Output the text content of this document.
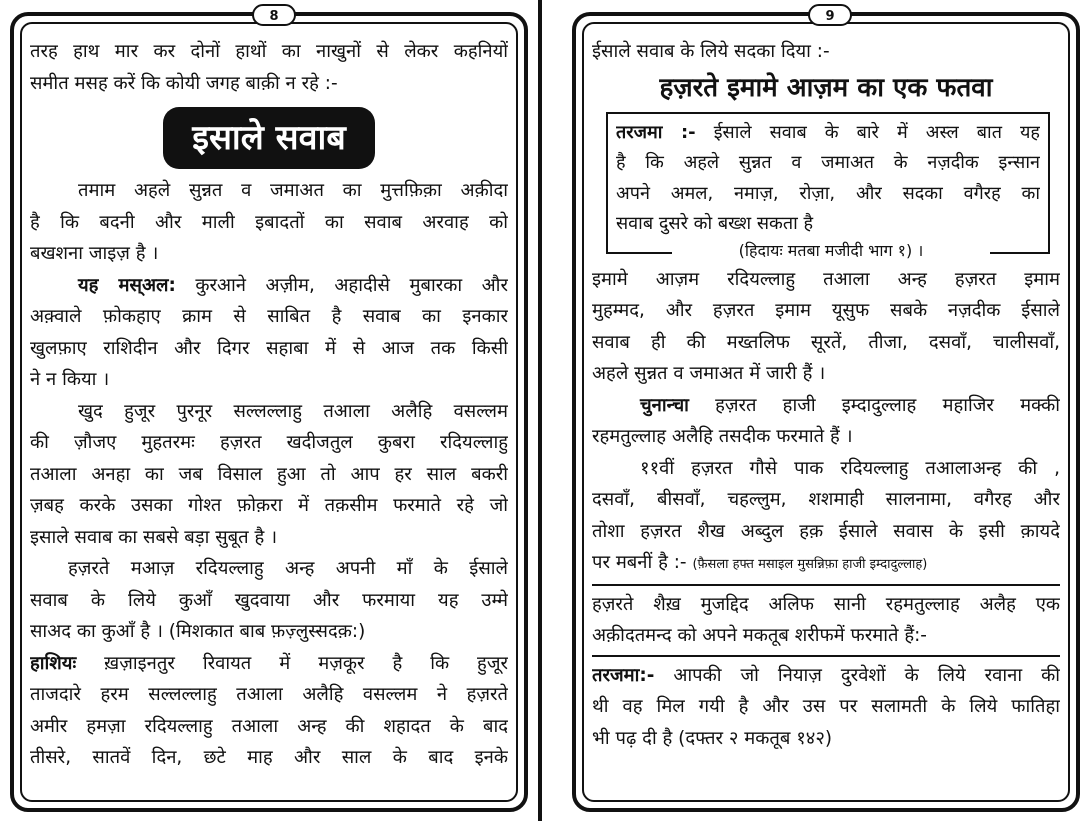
8
तरह हाथ मार कर दोनों हाथों का नाखुनों से लेकर कहनियों
समीत मसह करें कि कोयी जगह बाक़ी न रहे :-
इसाले सवाब
तमाम अहले सुन्नत व जमाअत का मुत्तफ़िक़ा अक़ीदा
है कि बदनी और माली इबादतों का सवाब अरवाह को
बखशना जाइज़ है ।
यह मस्अल: कुरआने अज़ीम, अहादीसे मुबारका और
अक़्वाले फ़ोकहाए क्राम से साबित है सवाब का इनकार
खुलफ़ाए राशिदीन और दिगर सहाबा में से आज तक किसी
ने न किया ।
खुद हुजूर पुरनूर सल्लल्लाहु तआला अलैहि वसल्लम
की ज़ौजए मुहतरमः हज़रत खदीजतुल कुबरा रदियल्लाहु
तआला अनहा का जब विसाल हुआ तो आप हर साल बकरी
ज़बह करके उसका गोश्त फ़ोक़रा में तक़सीम फरमाते रहे जो
इसाले सवाब का सबसे बड़ा सुबूत है ।
हज़रते मआज़ रदियल्लाहु अन्ह अपनी माँ के ईसाले
सवाब के लिये कुआँ खुदवाया और फरमाया यह उम्मे
साअद का कुआँ है । (मिशकात बाब फ़ज़्लुस्सदक़:)
हाशियः ख़ज़ाइनतुर रिवायत में मज़कूर है कि हुजूर
ताजदारे हरम सल्लल्लाहु तआला अलैहि वसल्लम ने हज़रते
अमीर हमज़ा रदियल्लाहु तआला अन्ह की शहादत के बाद
तीसरे, सातवें दिन, छटे माह और साल के बाद इनके
9
ईसाले सवाब के लिये सदका दिया :-
हज़रते इमामे आज़म का एक फतवा
तरजमा :- ईसाले सवाब के बारे में अस्ल बात यह
है कि अहले सुन्नत व जमाअत के नज़दीक इन्सान
अपने अमल, नमाज़, रोज़ा, और सदका वगैरह का
सवाब दुसरे को बख्श सकता है
(हिदायः मतबा मजीदी भाग १) ।
इमामे आज़म रदियल्लाहु तआला अन्ह हज़रत इमाम
मुहम्मद, और हज़रत इमाम यूसुफ सबके नज़दीक ईसाले
सवाब ही की मख्तलिफ सूरतें, तीजा, दसवाँ, चालीसवाँ,
अहले सुन्नत व जमाअत में जारी हैं ।
चुनान्चा हज़रत हाजी इम्दादुल्लाह महाजिर मक्की
रहमतुल्लाह अलैहि तसदीक फरमाते हैं ।
११वीं हज़रत गौसे पाक रदियल्लाहु तआलाअन्ह की ,
दसवाँ, बीसवाँ, चहल्लुम, शशमाही सालनामा, वगैरह और
तोशा हज़रत शैख अब्दुल हक़ ईसाले सवास के इसी क़ायदे
पर मबनीं है :- (फ़ैसला हफ्त मसाइल मुसन्निफ़ा हाजी इम्दादुल्लाह)
हज़रते शैख़ मुजद्दिद अलिफ सानी रहमतुल्लाह अलैह एक
अक़ीदतमन्द को अपने मकतूब शरीफमें फरमाते हैं:-
तरजमा:- आपकी जो नियाज़ दुरवेशों के लिये रवाना की
थी वह मिल गयी है और उस पर सलामती के लिये फातिहा
भी पढ़ दी है (दफ्तर २ मकतूब १४२)
